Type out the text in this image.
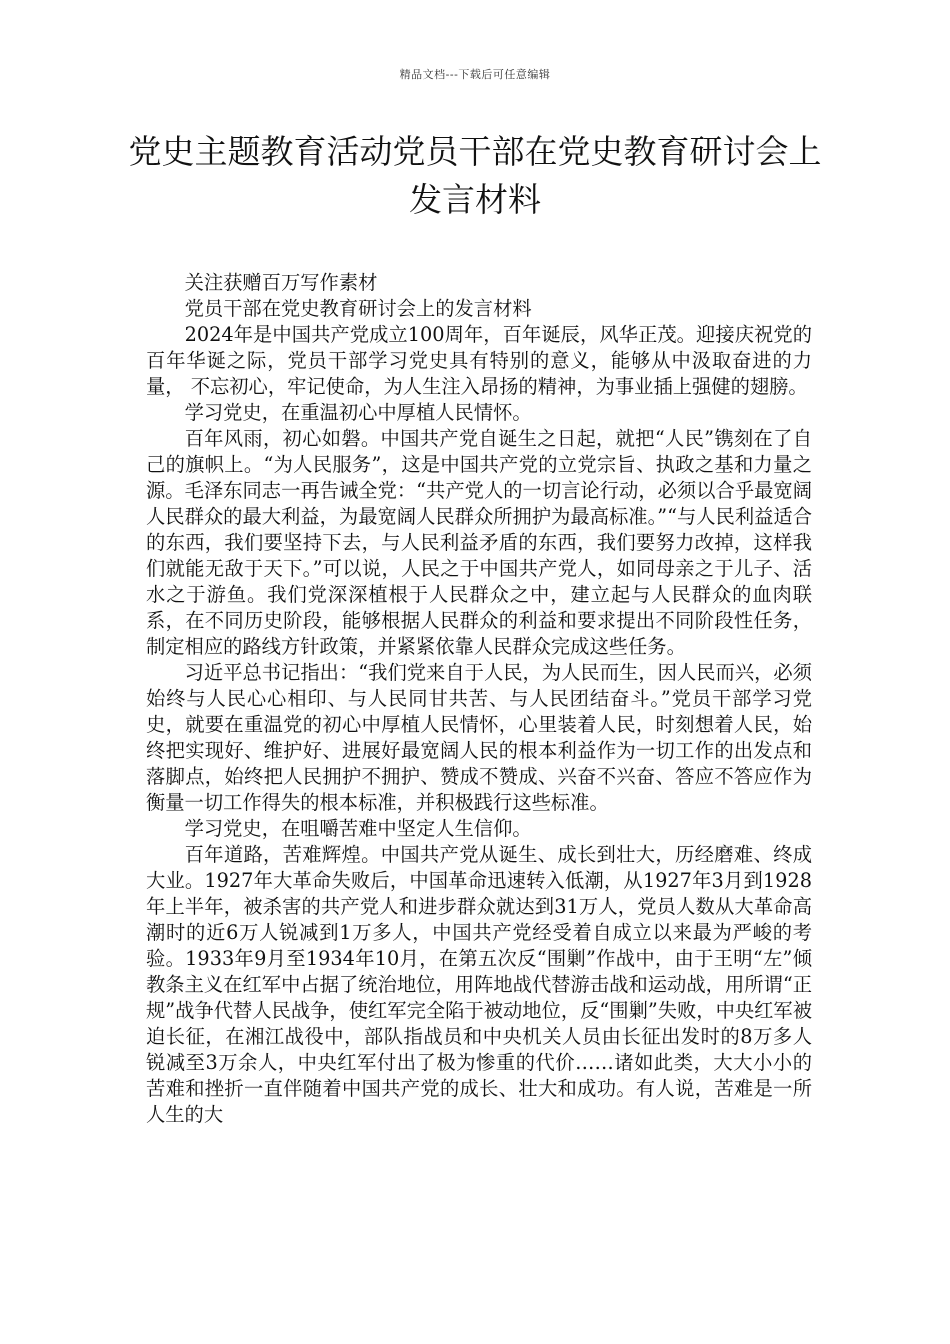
精品文档---下载后可任意编辑
党史主题教育活动党员干部在党史教育研讨会上发言材料

关注获赠百万写作素材

党员干部在党史教育研讨会上的发言材料

2024年是中国共产党成立100周年，百年诞辰，风华正茂。迎接庆祝党的百年华诞之际，党员干部学习党史具有特别的意义，能够从中汲取奋进的力量， 不忘初心，牢记使命，为人生注入昂扬的精神，为事业插上强健的翅膀。

学习党史，在重温初心中厚植人民情怀。

百年风雨，初心如磐。中国共产党自诞生之日起，就把“人民”镌刻在了自己的旗帜上。“为人民服务”，这是中国共产党的立党宗旨、执政之基和力量之源。毛泽东同志一再告诫全党：“共产党人的一切言论行动，必须以合乎最宽阔人民群众的最大利益，为最宽阔人民群众所拥护为最高标准。”“与人民利益适合的东西，我们要坚持下去，与人民利益矛盾的东西，我们要努力改掉，这样我们就能无敌于天下。”可以说，人民之于中国共产党人，如同母亲之于儿子、活水之于游鱼。我们党深深植根于人民群众之中，建立起与人民群众的血肉联系，在不同历史阶段，能够根据人民群众的利益和要求提出不同阶段性任务，制定相应的路线方针政策，并紧紧依靠人民群众完成这些任务。

习近平总书记指出：“我们党来自于人民，为人民而生，因人民而兴，必须始终与人民心心相印、与人民同甘共苦、与人民团结奋斗。”党员干部学习党史，就要在重温党的初心中厚植人民情怀，心里装着人民，时刻想着人民，始终把实现好、维护好、进展好最宽阔人民的根本利益作为一切工作的出发点和落脚点，始终把人民拥护不拥护、赞成不赞成、兴奋不兴奋、答应不答应作为衡量一切工作得失的根本标准，并积极践行这些标准。

学习党史，在咀嚼苦难中坚定人生信仰。

百年道路，苦难辉煌。中国共产党从诞生、成长到壮大，历经磨难、终成大业。1927年大革命失败后，中国革命迅速转入低潮，从1927年3月到1928年上半年，被杀害的共产党人和进步群众就达到31万人，党员人数从大革命高潮时的近6万人锐减到1万多人，中国共产党经受着自成立以来最为严峻的考验。1933年9月至1934年10月，在第五次反“围剿”作战中，由于王明“左”倾教条主义在红军中占据了统治地位，用阵地战代替游击战和运动战，用所谓“正规”战争代替人民战争，使红军完全陷于被动地位，反“围剿”失败，中央红军被迫长征，在湘江战役中，部队指战员和中央机关人员由长征出发时的8万多人锐减至3万余人，中央红军付出了极为惨重的代价……诸如此类，大大小小的苦难和挫折一直伴随着中国共产党的成长、壮大和成功。有人说，苦难是一所人生的大
